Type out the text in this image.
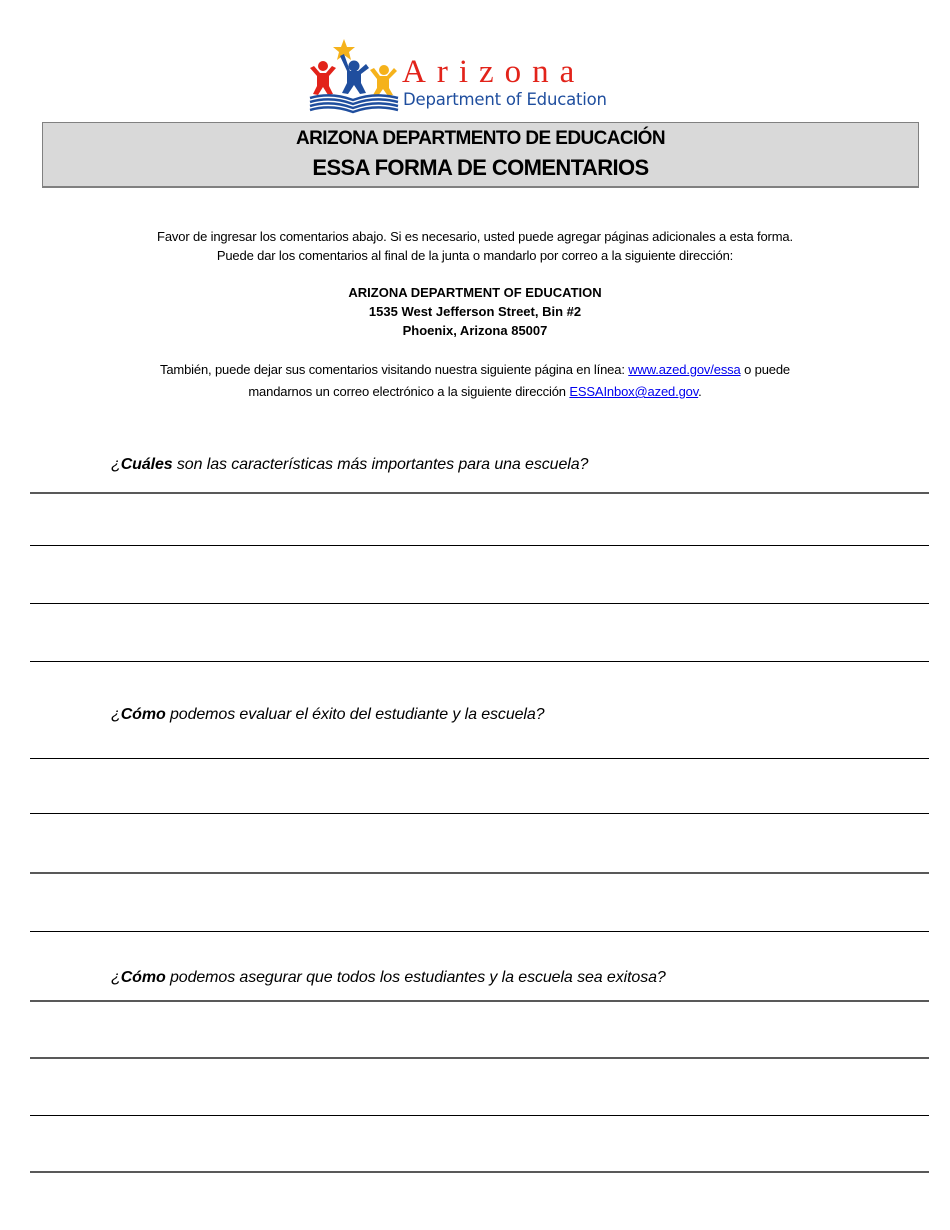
Arizona
Department of Education
ARIZONA DEPARTMENTO DE EDUCACIÓN
ESSA FORMA DE COMENTARIOS
Favor de ingresar los comentarios abajo. Si es necesario, usted puede agregar páginas adicionales a esta forma.
Puede dar los comentarios al final de la junta o mandarlo por correo a la siguiente dirección:
ARIZONA DEPARTMENT OF EDUCATION
1535 West Jefferson Street, Bin #2
Phoenix, Arizona 85007
También, puede dejar sus comentarios visitando nuestra siguiente página en línea: www.azed.gov/essa o puede
mandarnos un correo electrónico a la siguiente dirección ESSAInbox@azed.gov.
¿Cuáles son las características más importantes para una escuela?
¿Cómo podemos evaluar el éxito del estudiante y la escuela?
¿Cómo podemos asegurar que todos los estudiantes y la escuela sea exitosa?
